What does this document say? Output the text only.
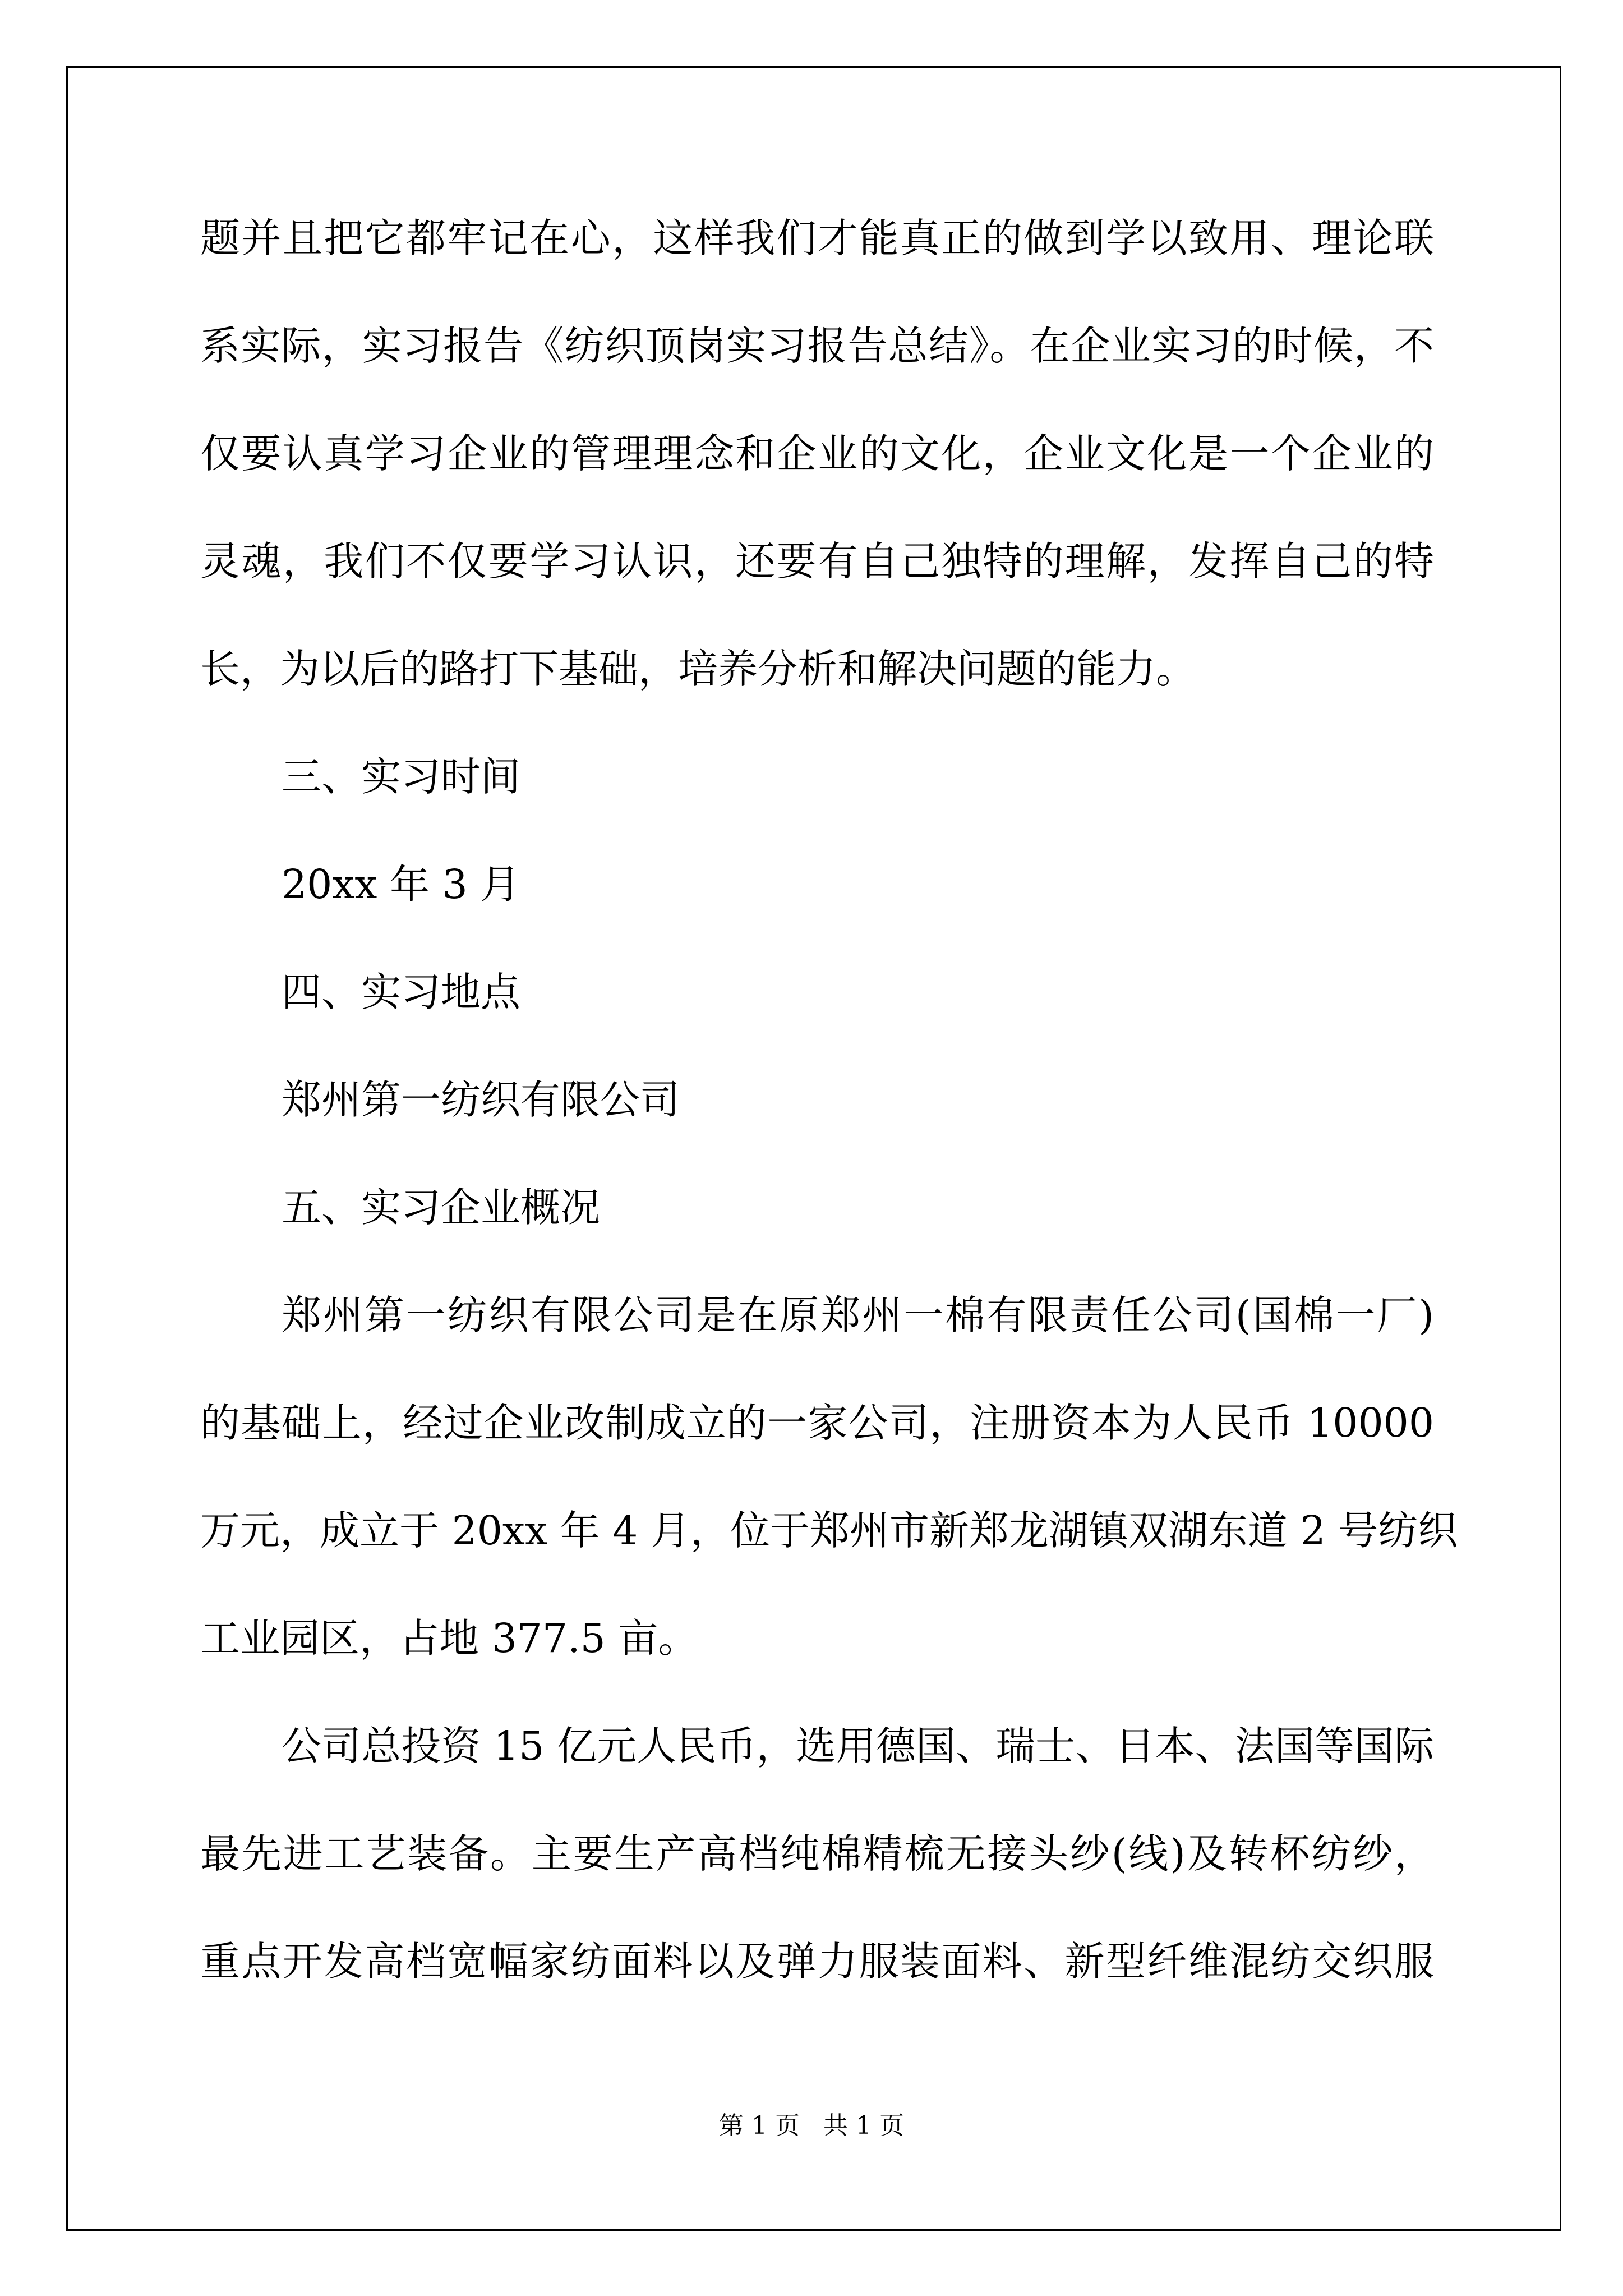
题并且把它都牢记在心，这样我们才能真正的做到学以致用、理论联

系实际，实习报告《纺织顶岗实习报告总结》。在企业实习的时候，不

仅要认真学习企业的管理理念和企业的文化，企业文化是一个企业的

灵魂，我们不仅要学习认识，还要有自己独特的理解，发挥自己的特

长，为以后的路打下基础，培养分析和解决问题的能力。

三、实习时间

20xx 年 3 月

四、实习地点

郑州第一纺织有限公司

五、实习企业概况

郑州第一纺织有限公司是在原郑州一棉有限责任公司(国棉一厂)

的基础上，经过企业改制成立的一家公司，注册资本为人民币 10000

万元，成立于 20xx 年 4 月，位于郑州市新郑龙湖镇双湖东道 2 号纺织

工业园区，占地 377.5 亩。

公司总投资 15 亿元人民币，选用德国、瑞士、日本、法国等国际

最先进工艺装备。主要生产高档纯棉精梳无接头纱(线)及转杯纺纱，

重点开发高档宽幅家纺面料以及弹力服装面料、新型纤维混纺交织服

第 1 页 共 1 页
